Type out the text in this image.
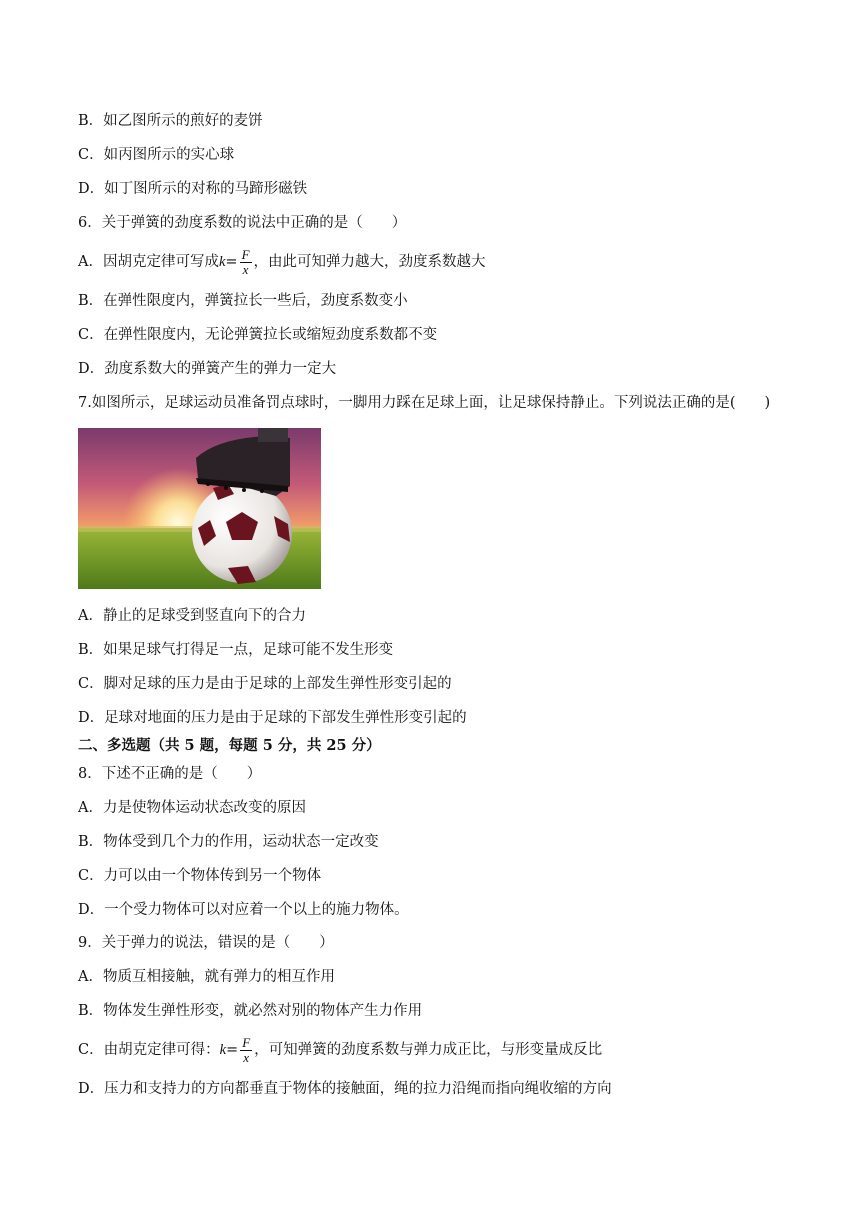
B．如乙图所示的煎好的麦饼
C．如丙图所示的实心球
D．如丁图所示的对称的马蹄形磁铁
6．关于弹簧的劲度系数的说法中正确的是（　　）
A．因胡克定律可写成$k= \frac{F}{x}$ ，由此可知弹力越大，劲度系数越大
B．在弹性限度内，弹簧拉长一些后，劲度系数变小
C．在弹性限度内，无论弹簧拉长或缩短劲度系数都不变
D．劲度系数大的弹簧产生的弹力一定大
7.如图所示，足球运动员准备罚点球时，一脚用力踩在足球上面，让足球保持静止。下列说法正确的是(　　)
A．静止的足球受到竖直向下的合力
B．如果足球气打得足一点，足球可能不发生形变
C．脚对足球的压力是由于足球的上部发生弹性形变引起的
D．足球对地面的压力是由于足球的下部发生弹性形变引起的
二、多选题（共 5 题，每题 5 分，共 25 分）
8．下述不正确的是（　　）
A．力是使物体运动状态改变的原因
B．物体受到几个力的作用，运动状态一定改变
C．力可以由一个物体传到另一个物体
D．一个受力物体可以对应着一个以上的施力物体。
9．关于弹力的说法，错误的是（　　）
A．物质互相接触，就有弹力的相互作用
B．物体发生弹性形变，就必然对别的物体产生力作用
C．由胡克定律可得：$k= \frac{F}{x}$ ，可知弹簧的劲度系数与弹力成正比，与形变量成反比
D．压力和支持力的方向都垂直于物体的接触面，绳的拉力沿绳而指向绳收缩的方向
